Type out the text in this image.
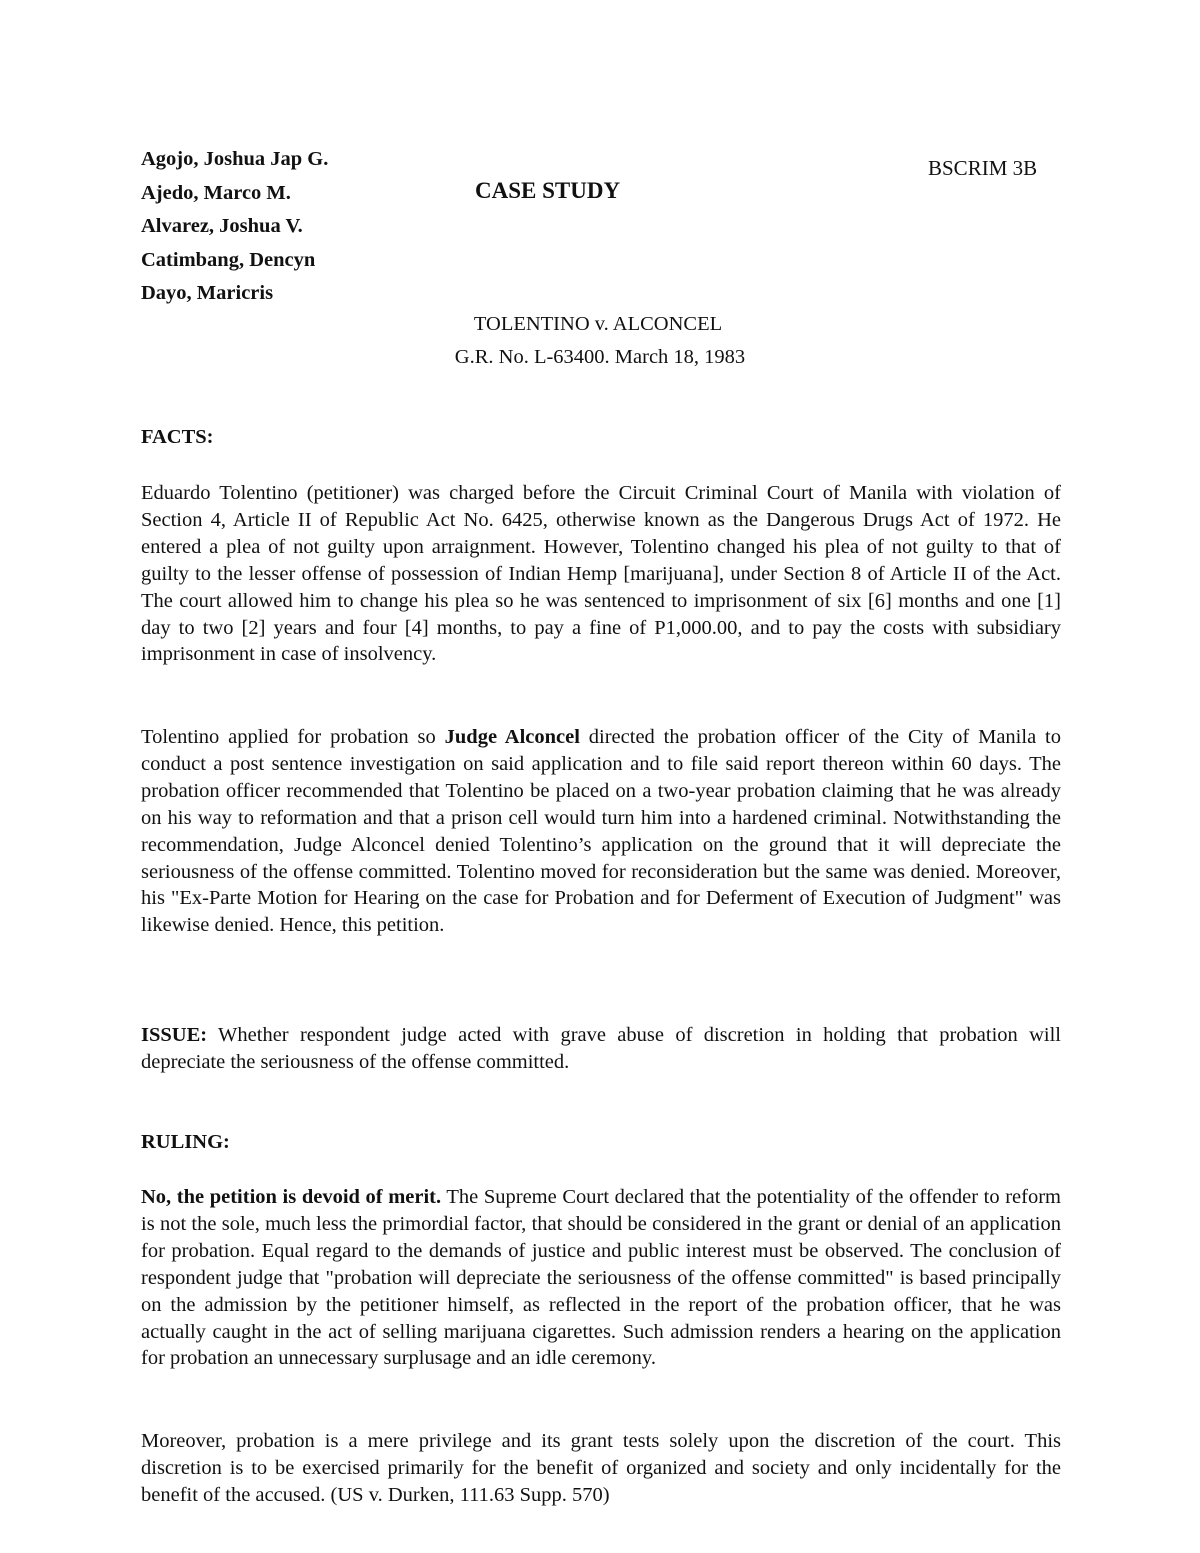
Agojo, Joshua Jap G.
Ajedo, Marco M.
Alvarez, Joshua V.
Catimbang, Dencyn
Dayo, Maricris
BSCRIM 3B
CASE STUDY
TOLENTINO v. ALCONCEL
G.R. No. L-63400. March 18, 1983
FACTS:
Eduardo Tolentino (petitioner) was charged before the Circuit Criminal Court of Manila with violation of Section 4, Article II of Republic Act No. 6425, otherwise known as the Dangerous Drugs Act of 1972. He entered a plea of not guilty upon arraignment. However, Tolentino changed his plea of not guilty to that of guilty to the lesser offense of possession of Indian Hemp [marijuana], under Section 8 of Article II of the Act. The court allowed him to change his plea so he was sentenced to imprisonment of six [6] months and one [1] day to two [2] years and four [4] months, to pay a fine of P1,000.00, and to pay the costs with subsidiary imprisonment in case of insolvency.
Tolentino applied for probation so Judge Alconcel directed the probation officer of the City of Manila to conduct a post sentence investigation on said application and to file said report thereon within 60 days. The probation officer recommended that Tolentino be placed on a two-year probation claiming that he was already on his way to reformation and that a prison cell would turn him into a hardened criminal. Notwithstanding the recommendation, Judge Alconcel denied Tolentino’s application on the ground that it will depreciate the seriousness of the offense committed. Tolentino moved for reconsideration but the same was denied. Moreover, his "Ex-Parte Motion for Hearing on the case for Probation and for Deferment of Execution of Judgment" was likewise denied. Hence, this petition.
ISSUE: Whether respondent judge acted with grave abuse of discretion in holding that probation will depreciate the seriousness of the offense committed.
RULING:
No, the petition is devoid of merit. The Supreme Court declared that the potentiality of the offender to reform is not the sole, much less the primordial factor, that should be considered in the grant or denial of an application for probation. Equal regard to the demands of justice and public interest must be observed. The conclusion of respondent judge that "probation will depreciate the seriousness of the offense committed" is based principally on the admission by the petitioner himself, as reflected in the report of the probation officer, that he was actually caught in the act of selling marijuana cigarettes. Such admission renders a hearing on the application for probation an unnecessary surplusage and an idle ceremony.
Moreover, probation is a mere privilege and its grant tests solely upon the discretion of the court. This discretion is to be exercised primarily for the benefit of organized and society and only incidentally for the benefit of the accused. (US v. Durken, 111.63 Supp. 570)
